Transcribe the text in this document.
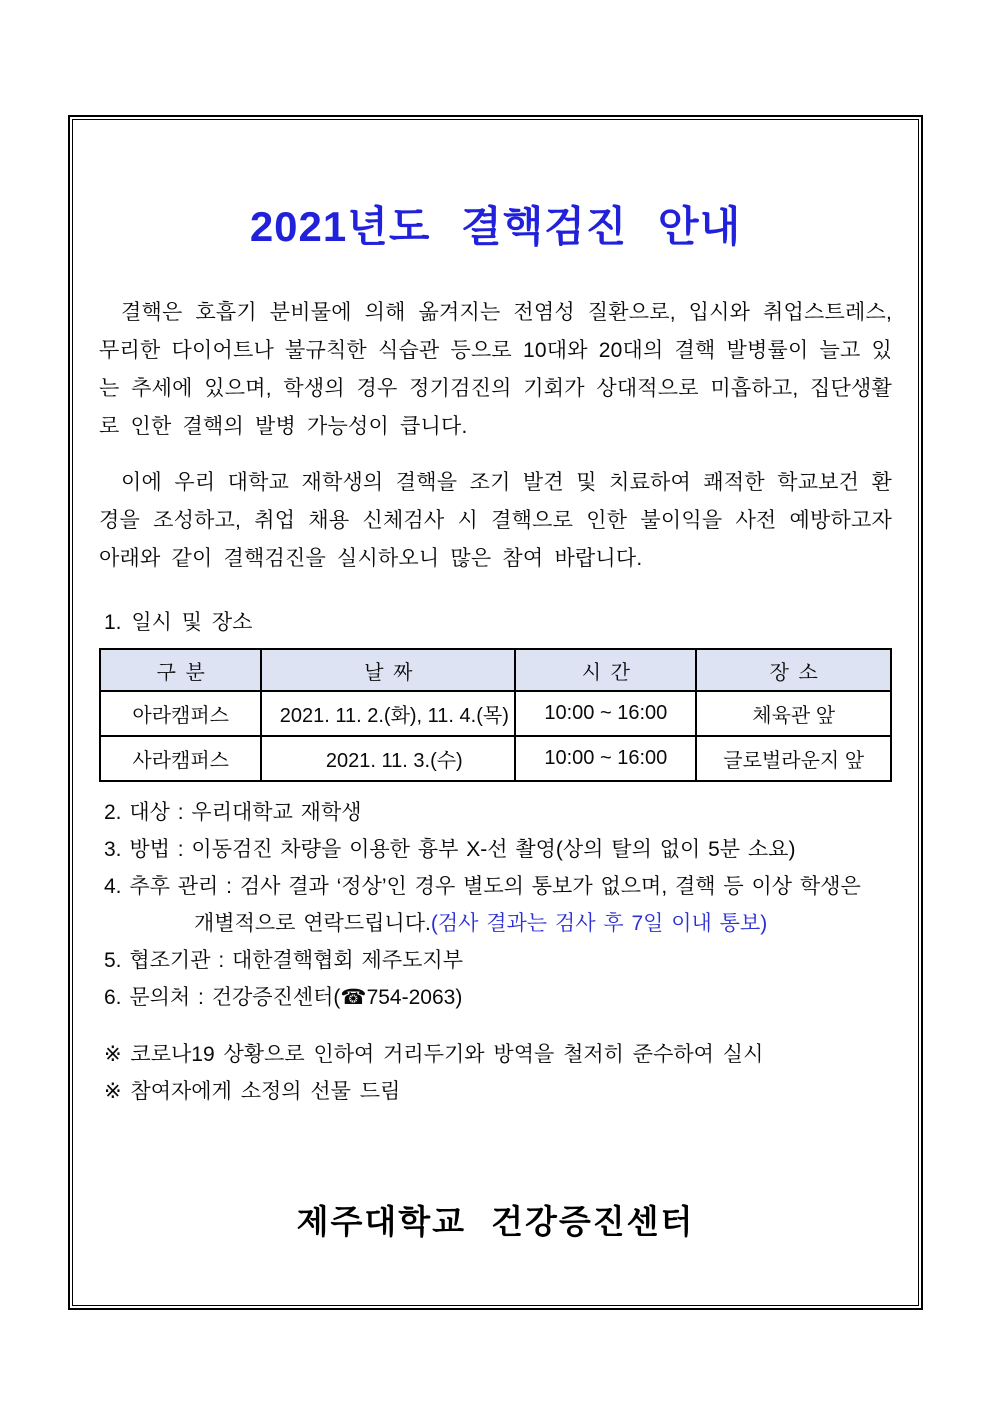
2021년도 결핵검진 안내

결핵은 호흡기 분비물에 의해 옮겨지는 전염성 질환으로, 입시와 취업스트레스, 무리한 다이어트나 불규칙한 식습관 등으로 10대와 20대의 결핵 발병률이 늘고 있는 추세에 있으며, 학생의 경우 정기검진의 기회가 상대적으로 미흡하고, 집단생활로 인한 결핵의 발병 가능성이 큽니다.

이에 우리 대학교 재학생의 결핵을 조기 발견 및 치료하여 쾌적한 학교보건 환경을 조성하고, 취업 채용 신체검사 시 결핵으로 인한 불이익을 사전 예방하고자 아래와 같이 결핵검진을 실시하오니 많은 참여 바랍니다.

1. 일시 및 장소
구 분	날 짜	시 간	장 소
아라캠퍼스	2021. 11. 2.(화), 11. 4.(목)	10:00 ~ 16:00	체육관 앞
사라캠퍼스	2021. 11. 3.(수)	10:00 ~ 16:00	글로벌라운지 앞
2. 대상 : 우리대학교 재학생
3. 방법 : 이동검진 차량을 이용한 흉부 X-선 촬영(상의 탈의 없이 5분 소요)
4. 추후 관리 : 검사 결과 ‘정상’인 경우 별도의 통보가 없으며, 결핵 등 이상 학생은
개별적으로 연락드립니다.(검사 결과는 검사 후 7일 이내 통보)
5. 협조기관 : 대한결핵협회 제주도지부
6. 문의처 : 건강증진센터(☎754-2063)
※ 코로나19 상황으로 인하여 거리두기와 방역을 철저히 준수하여 실시
※ 참여자에게 소정의 선물 드림
제주대학교 건강증진센터
